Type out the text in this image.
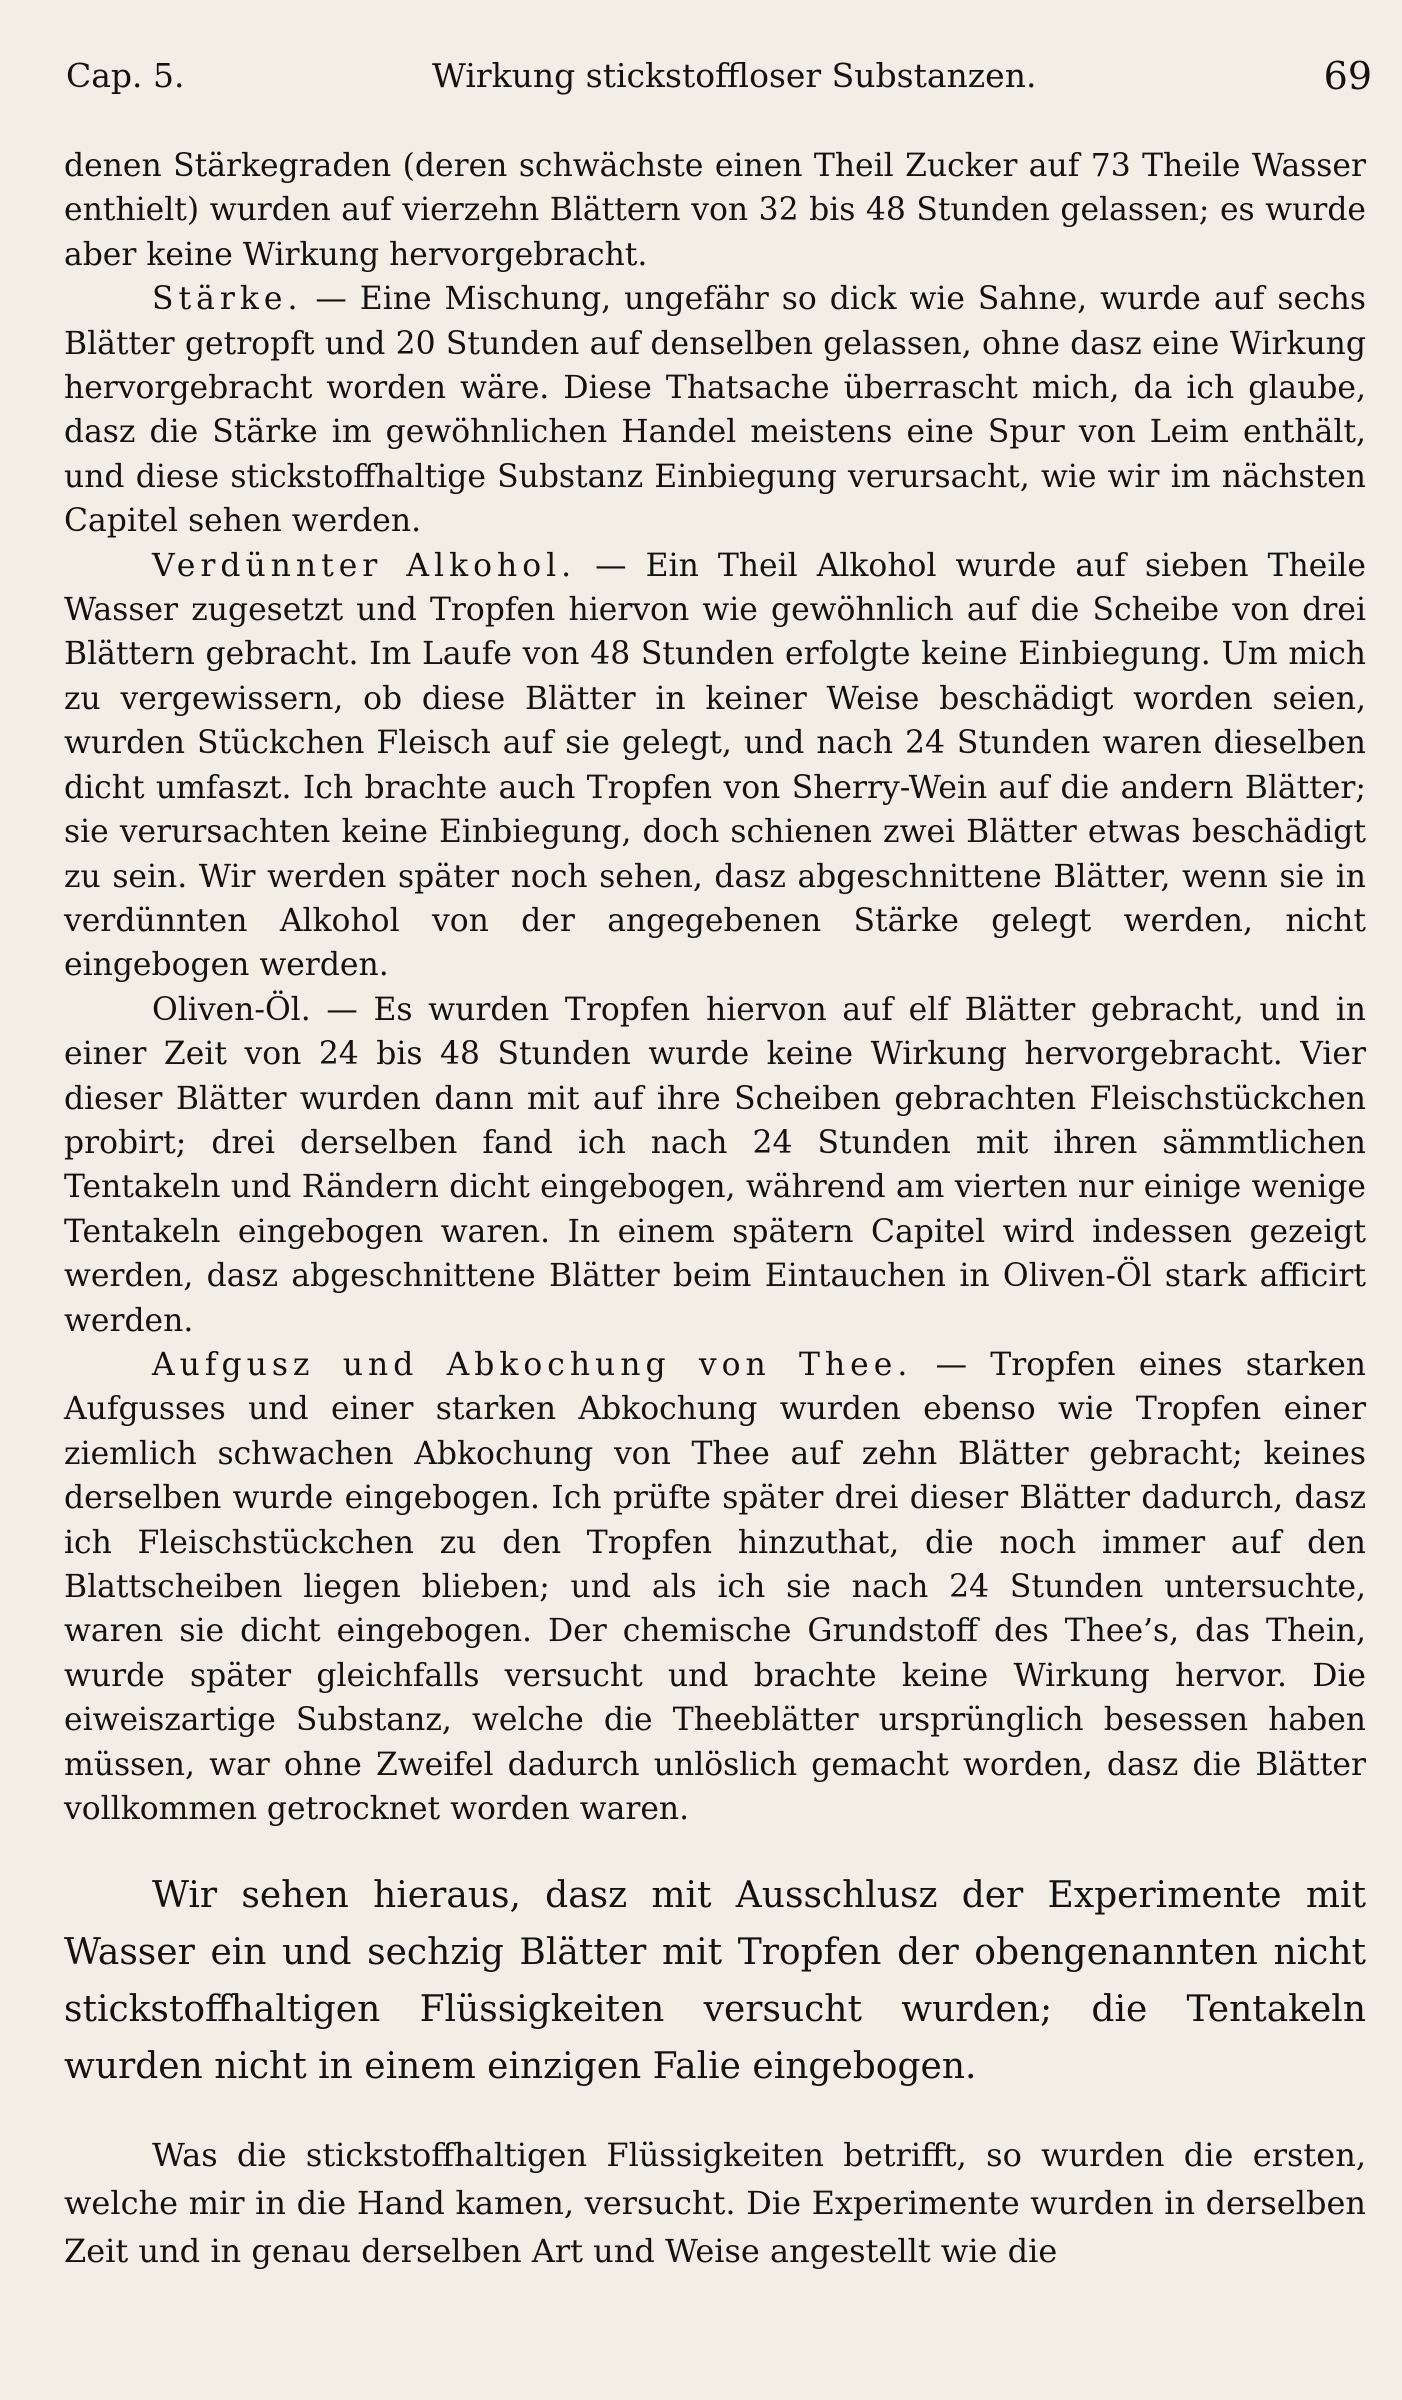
Cap. 5.	Wirkung stickstoffloser Substanzen.	69

denen Stärkegraden (deren schwächste einen Theil Zucker auf 73 Theile Wasser enthielt) wurden auf vierzehn Blättern von 32 bis 48 Stunden gelassen; es wurde aber keine Wirkung hervorgebracht.

Stärke. — Eine Mischung, ungefähr so dick wie Sahne, wurde auf sechs Blätter getropft und 20 Stunden auf denselben gelassen, ohne dasz eine Wirkung hervorgebracht worden wäre. Diese Thatsache überrascht mich, da ich glaube, dasz die Stärke im gewöhnlichen Handel meistens eine Spur von Leim enthält, und diese stickstoffhaltige Substanz Einbiegung verursacht, wie wir im nächsten Capitel sehen werden.

Verdünnter Alkohol. — Ein Theil Alkohol wurde auf sieben Theile Wasser zugesetzt und Tropfen hiervon wie gewöhnlich auf die Scheibe von drei Blättern gebracht. Im Laufe von 48 Stunden erfolgte keine Einbiegung. Um mich zu vergewissern, ob diese Blätter in keiner Weise beschädigt worden seien, wurden Stückchen Fleisch auf sie gelegt, und nach 24 Stunden waren dieselben dicht umfaszt. Ich brachte auch Tropfen von Sherry-Wein auf die andern Blätter; sie verursachten keine Einbiegung, doch schienen zwei Blätter etwas beschädigt zu sein. Wir werden später noch sehen, dasz abgeschnittene Blätter, wenn sie in verdünnten Alkohol von der angegebenen Stärke gelegt werden, nicht eingebogen werden.

Oliven-Öl. — Es wurden Tropfen hiervon auf elf Blätter gebracht, und in einer Zeit von 24 bis 48 Stunden wurde keine Wirkung hervorgebracht. Vier dieser Blätter wurden dann mit auf ihre Scheiben gebrachten Fleischstückchen probirt; drei derselben fand ich nach 24 Stunden mit ihren sämmtlichen Tentakeln und Rändern dicht eingebogen, während am vierten nur einige wenige Tentakeln eingebogen waren. In einem spätern Capitel wird indessen gezeigt werden, dasz abgeschnittene Blätter beim Eintauchen in Oliven-Öl stark afficirt werden.

Aufgusz und Abkochung von Thee. — Tropfen eines starken Aufgusses und einer starken Abkochung wurden ebenso wie Tropfen einer ziemlich schwachen Abkochung von Thee auf zehn Blätter gebracht; keines derselben wurde eingebogen. Ich prüfte später drei dieser Blätter dadurch, dasz ich Fleischstückchen zu den Tropfen hinzuthat, die noch immer auf den Blattscheiben liegen blieben; und als ich sie nach 24 Stunden untersuchte, waren sie dicht eingebogen. Der chemische Grundstoff des Thee’s, das Thein, wurde später gleichfalls versucht und brachte keine Wirkung hervor. Die eiweiszartige Substanz, welche die Theeblätter ursprünglich besessen haben müssen, war ohne Zweifel dadurch unlöslich gemacht worden, dasz die Blätter vollkommen getrocknet worden waren.

Wir sehen hieraus, dasz mit Ausschlusz der Experimente mit Wasser ein und sechzig Blätter mit Tropfen der obengenannten nicht stickstoffhaltigen Flüssigkeiten versucht wurden; die Tentakeln wurden nicht in einem einzigen Falie eingebogen.

Was die stickstoffhaltigen Flüssigkeiten betrifft, so wurden die ersten, welche mir in die Hand kamen, versucht. Die Experimente wurden in derselben Zeit und in genau derselben Art und Weise angestellt wie die
